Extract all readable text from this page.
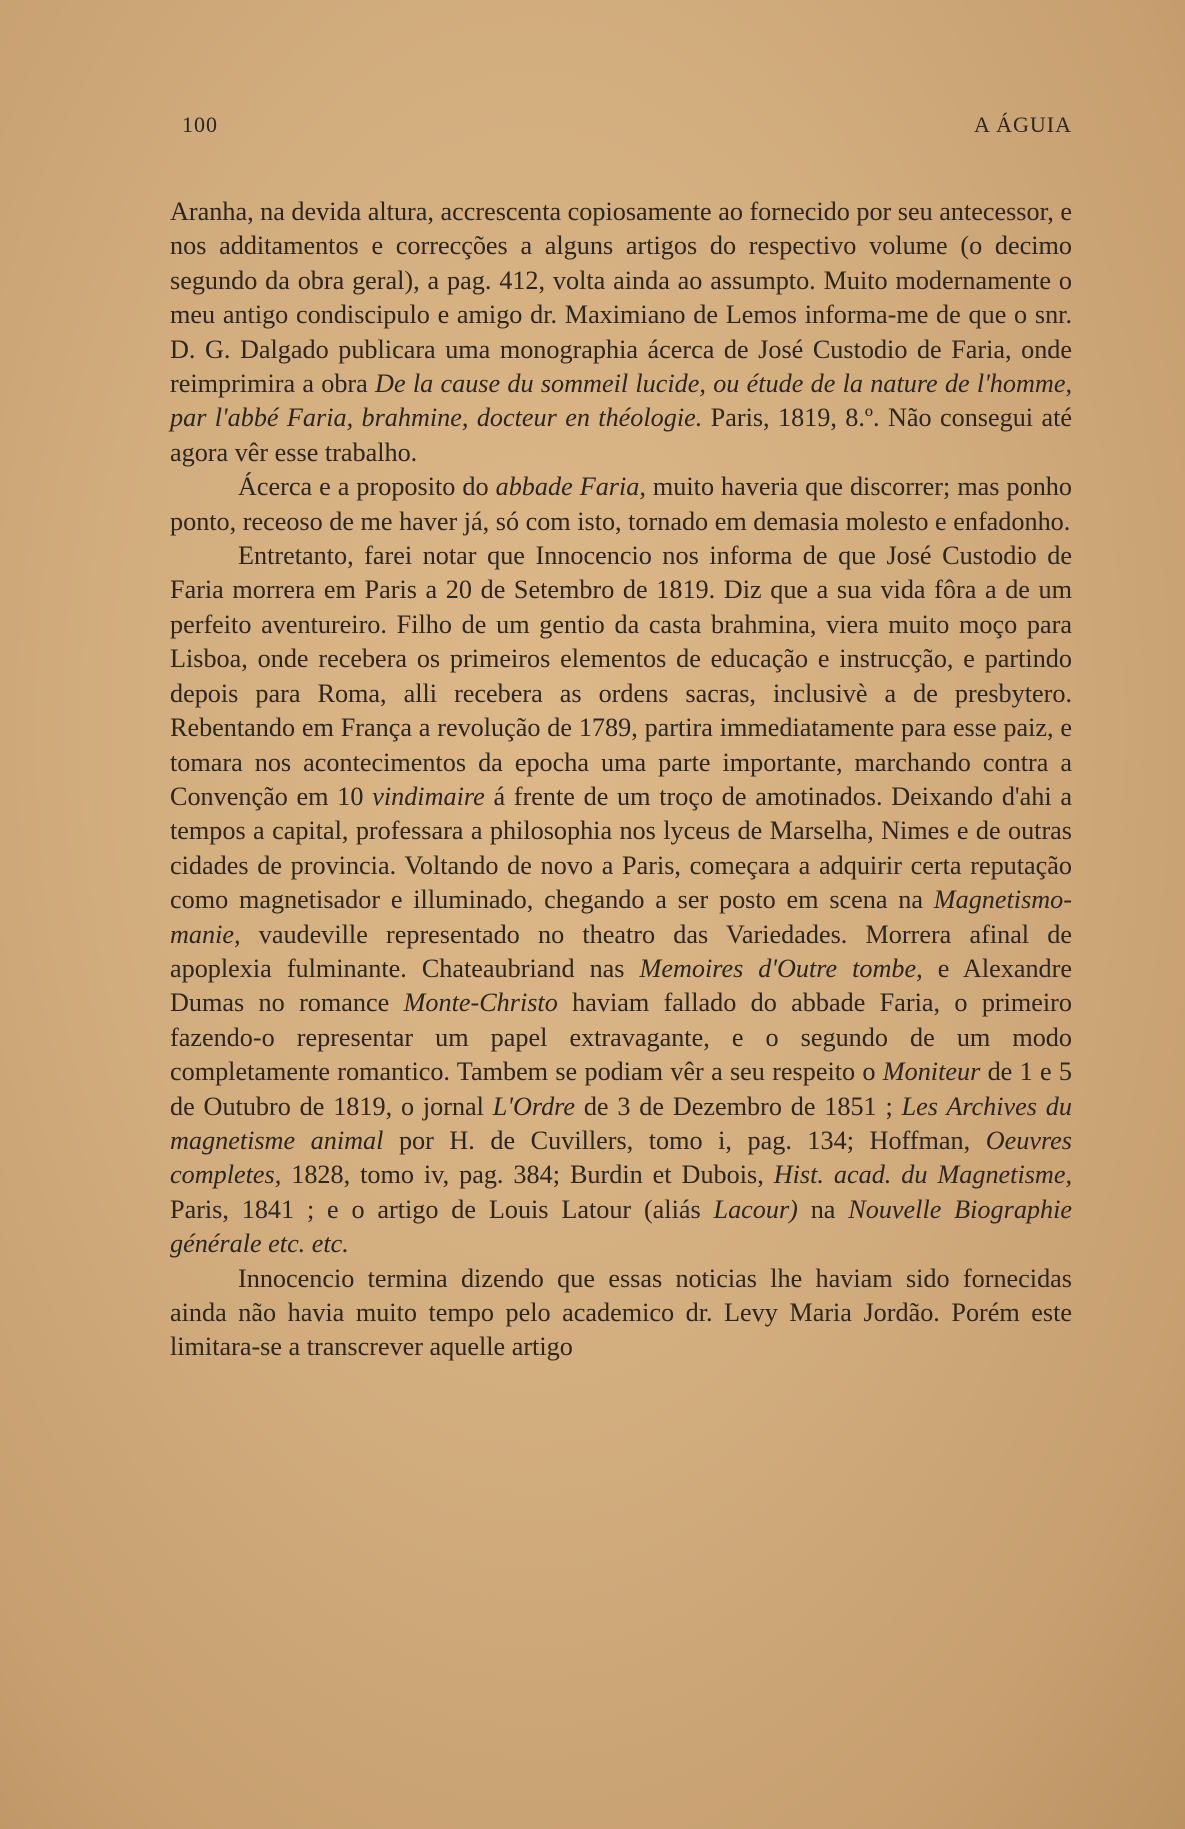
100	A ÁGUIA

Aranha, na devida altura, accrescenta copiosamente ao fornecido por seu antecessor, e nos additamentos e correcções a alguns artigos do respectivo volume (o decimo segundo da obra geral), a pag. 412, volta ainda ao assumpto. Muito modernamente o meu antigo condiscipulo e amigo dr. Maximiano de Lemos informa-me de que o snr. D. G. Dalgado publicara uma monographia ácerca de José Custodio de Faria, onde reimprimira a obra De la cause du sommeil lucide, ou étude de la nature de l'homme, par l'abbé Faria, brahmine, docteur en théologie. Paris, 1819, 8.º. Não consegui até agora vêr esse trabalho.

Ácerca e a proposito do abbade Faria, muito haveria que discorrer; mas ponho ponto, receoso de me haver já, só com isto, tornado em demasia molesto e enfadonho.

Entretanto, farei notar que Innocencio nos informa de que José Custodio de Faria morrera em Paris a 20 de Setembro de 1819. Diz que a sua vida fôra a de um perfeito aventureiro. Filho de um gentio da casta brahmina, viera muito moço para Lisboa, onde recebera os primeiros elementos de educação e instrucção, e partindo depois para Roma, alli recebera as ordens sacras, inclusivè a de presbytero. Rebentando em França a revolução de 1789, partira immediatamente para esse paiz, e tomara nos acontecimentos da epocha uma parte importante, marchando contra a Convenção em 10 vindimaire á frente de um troço de amotinados. Deixando d'ahi a tempos a capital, professara a philosophia nos lyceus de Marselha, Nimes e de outras cidades de provincia. Voltando de novo a Paris, começara a adquirir certa reputação como magnetisador e illuminado, chegando a ser posto em scena na Magnetismo-manie, vaudeville representado no theatro das Variedades. Morrera afinal de apoplexia fulminante. Chateaubriand nas Memoires d'Outre tombe, e Alexandre Dumas no romance Monte-Christo haviam fallado do abbade Faria, o primeiro fazendo-o representar um papel extravagante, e o segundo de um modo completamente romantico. Tambem se podiam vêr a seu respeito o Moniteur de 1 e 5 de Outubro de 1819, o jornal L'Ordre de 3 de Dezembro de 1851 ; Les Archives du magnetisme animal por H. de Cuvillers, tomo i, pag. 134; Hoffman, Oeuvres completes, 1828, tomo iv, pag. 384; Burdin et Dubois, Hist. acad. du Magnetisme, Paris, 1841 ; e o artigo de Louis Latour (aliás Lacour) na Nouvelle Biographie générale etc. etc.

Innocencio termina dizendo que essas noticias lhe haviam sido fornecidas ainda não havia muito tempo pelo academico dr. Levy Maria Jordão. Porém este limitara-se a transcrever aquelle artigo
